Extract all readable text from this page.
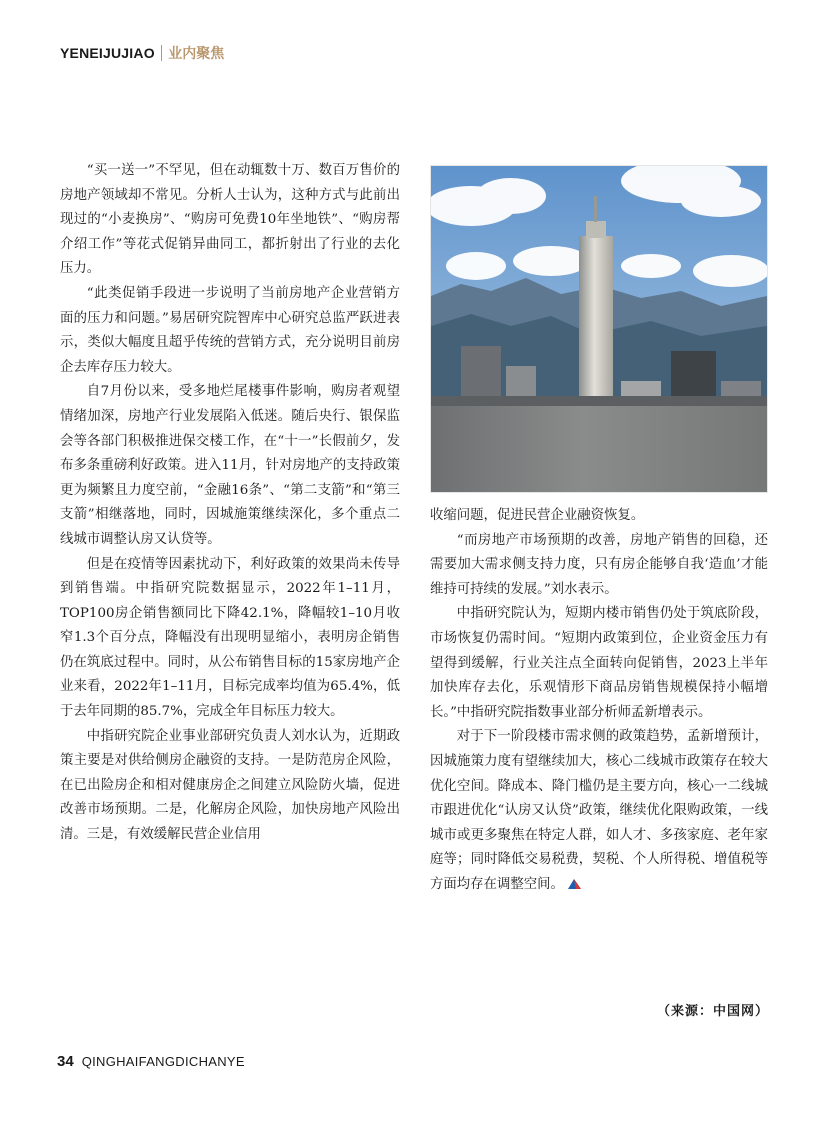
YENEIJUJIAO 业内聚焦

“买一送一”不罕见，但在动辄数十万、数百万售价的房地产领域却不常见。分析人士认为，这种方式与此前出现过的“小麦换房”、“购房可免费10年坐地铁”、“购房帮介绍工作”等花式促销异曲同工，都折射出了行业的去化压力。

“此类促销手段进一步说明了当前房地产企业营销方面的压力和问题。”易居研究院智库中心研究总监严跃进表示，类似大幅度且超乎传统的营销方式，充分说明目前房企去库存压力较大。

自7月份以来，受多地烂尾楼事件影响，购房者观望情绪加深，房地产行业发展陷入低迷。随后央行、银保监会等各部门积极推进保交楼工作，在“十一”长假前夕，发布多条重磅利好政策。进入11月，针对房地产的支持政策更为频繁且力度空前，“金融16条”、“第二支箭”和“第三支箭”相继落地，同时，因城施策继续深化，多个重点二线城市调整认房又认贷等。

但是在疫情等因素扰动下，利好政策的效果尚未传导到销售端。中指研究院数据显示，2022年1–11月，TOP100房企销售额同比下降42.1%，降幅较1–10月收窄1.3个百分点，降幅没有出现明显缩小，表明房企销售仍在筑底过程中。同时，从公布销售目标的15家房地产企业来看，2022年1–11月，目标完成率均值为65.4%，低于去年同期的85.7%，完成全年目标压力较大。

中指研究院企业事业部研究负责人刘水认为，近期政策主要是对供给侧房企融资的支持。一是防范房企风险，在已出险房企和相对健康房企之间建立风险防火墙，促进改善市场预期。二是，化解房企风险，加快房地产风险出清。三是，有效缓解民营企业信用

收缩问题，促进民营企业融资恢复。

“而房地产市场预期的改善，房地产销售的回稳，还需要加大需求侧支持力度，只有房企能够自我‘造血’才能维持可持续的发展。”刘水表示。

中指研究院认为，短期内楼市销售仍处于筑底阶段，市场恢复仍需时间。“短期内政策到位，企业资金压力有望得到缓解，行业关注点全面转向促销售，2023上半年加快库存去化，乐观情形下商品房销售规模保持小幅增长。”中指研究院指数事业部分析师孟新增表示。

对于下一阶段楼市需求侧的政策趋势，孟新增预计，因城施策力度有望继续加大，核心二线城市政策存在较大优化空间。降成本、降门槛仍是主要方向，核心一二线城市跟进优化“认房又认贷”政策，继续优化限购政策，一线城市或更多聚焦在特定人群，如人才、多孩家庭、老年家庭等；同时降低交易税费，契税、个人所得税、增值税等方面均存在调整空间。

（来源：中国网）
34 QINGHAIFANGDICHANYE
